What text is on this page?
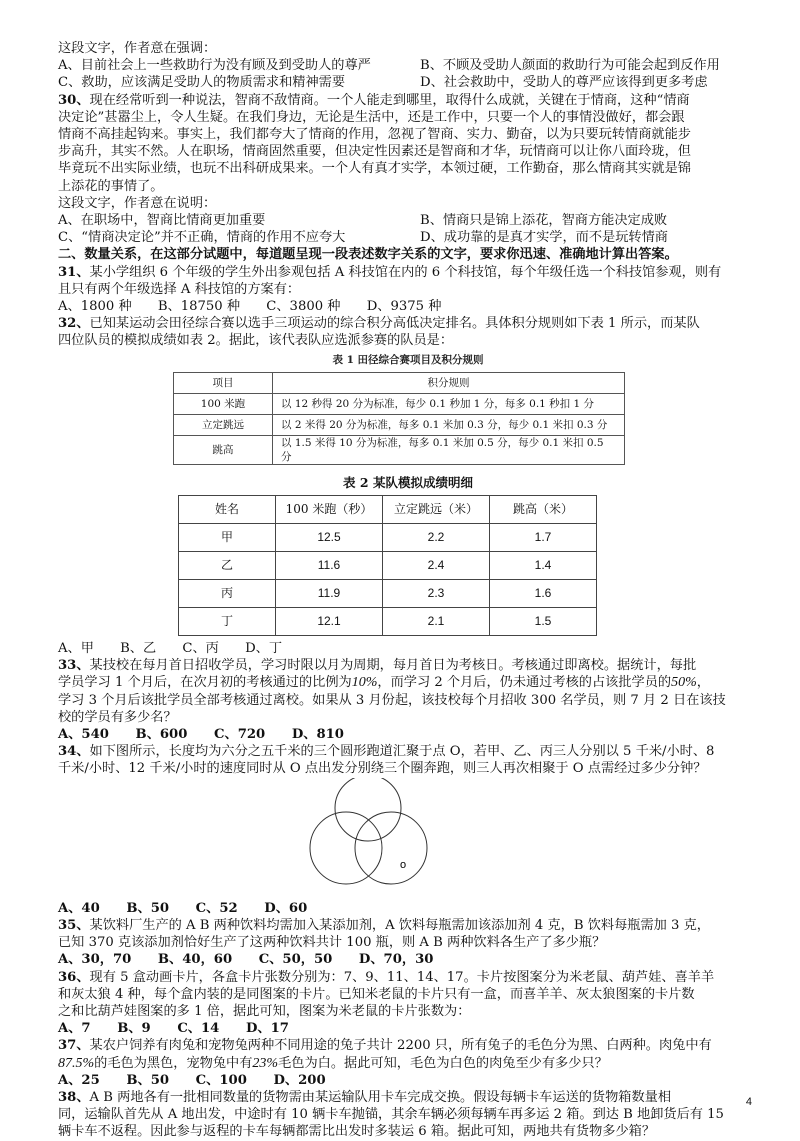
这段文字，作者意在强调：
A、目前社会上一些救助行为没有顾及到受助人的尊严	B、不顾及受助人颜面的救助行为可能会起到反作用
C、救助，应该满足受助人的物质需求和精神需要	D、社会救助中，受助人的尊严应该得到更多考虑
30、现在经常听到一种说法，智商不敌情商。一个人能走到哪里，取得什么成就，关键在于情商，这种“情商
决定论”甚嚣尘上，令人生疑。在我们身边，无论是生活中，还是工作中，只要一个人的事情没做好，都会跟
情商不高挂起钩来。事实上，我们都夸大了情商的作用，忽视了智商、实力、勤奋，以为只要玩转情商就能步
步高升，其实不然。人在职场，情商固然重要，但决定性因素还是智商和才华，玩情商可以让你八面玲珑，但
毕竟玩不出实际业绩，也玩不出科研成果来。一个人有真才实学，本领过硬，工作勤奋，那么情商其实就是锦
上添花的事情了。
这段文字，作者意在说明：
A、在职场中，智商比情商更加重要	B、情商只是锦上添花，智商方能决定成败
C、“情商决定论”并不正确，情商的作用不应夸大	D、成功靠的是真才实学，而不是玩转情商
二、数量关系，在这部分试题中，每道题呈现一段表述数字关系的文字，要求你迅速、准确地计算出答案。
31、某小学组织 6 个年级的学生外出参观包括 A 科技馆在内的 6 个科技馆，每个年级任选一个科技馆参观，则有
且只有两个年级选择 A 科技馆的方案有：
A、1800 种 B、18750 种 C、3800 种 D、9375 种
32、已知某运动会田径综合赛以选手三项运动的综合积分高低决定排名。具体积分规则如下表 1 所示，而某队
四位队员的模拟成绩如表 2。据此，该代表队应选派参赛的队员是：
表 1 田径综合赛项目及积分规则
项目	积分规则
100 米跑	以 12 秒得 20 分为标准，每少 0.1 秒加 1 分，每多 0.1 秒扣 1 分
立定跳远	以 2 米得 20 分为标准，每多 0.1 米加 0.3 分，每少 0.1 米扣 0.3 分
跳高	以 1.5 米得 10 分为标准，每多 0.1 米加 0.5 分，每少 0.1 米扣 0.5 分
表 2 某队模拟成绩明细
姓名	100 米跑（秒）	立定跳远（米）	跳高（米）
甲	12.5	2.2	1.7
乙	11.6	2.4	1.4
丙	11.9	2.3	1.6
丁	12.1	2.1	1.5
A、甲 B、乙 C、丙 D、丁
33、某技校在每月首日招收学员，学习时限以月为周期，每月首日为考核日。考核通过即离校。据统计，每批
学员学习 1 个月后，在次月初的考核通过的比例为10%，而学习 2 个月后，仍未通过考核的占该批学员的50%，
学习 3 个月后该批学员全部考核通过离校。如果从 3 月份起，该技校每个月招收 300 名学员，则 7 月 2 日在该技
校的学员有多少名？
A、540 B、600 C、720 D、810
34、如下图所示，长度均为六分之五千米的三个圆形跑道汇聚于点 O，若甲、乙、丙三人分别以 5 千米/小时、8
千米/小时、12 千米/小时的速度同时从 O 点出发分别绕三个圈奔跑，则三人再次相聚于 O 点需经过多少分钟？
o
A、40 B、50 C、52 D、60
35、某饮料厂生产的 A B 两种饮料均需加入某添加剂，A 饮料每瓶需加该添加剂 4 克，B 饮料每瓶需加 3 克，
已知 370 克该添加剂恰好生产了这两种饮料共计 100 瓶，则 A B 两种饮料各生产了多少瓶？
A、30，70 B、40，60 C、50，50 D、70，30
36、现有 5 盒动画卡片，各盒卡片张数分别为：7、9、11、14、17。卡片按图案分为米老鼠、葫芦娃、喜羊羊
和灰太狼 4 种，每个盒内装的是同图案的卡片。已知米老鼠的卡片只有一盒，而喜羊羊、灰太狼图案的卡片数
之和比葫芦娃图案的多 1 倍，据此可知，图案为米老鼠的卡片张数为：
A、7 B、9 C、14 D、17
37、某农户饲养有肉兔和宠物兔两种不同用途的兔子共计 2200 只，所有兔子的毛色分为黑、白两种。肉兔中有
87.5%的毛色为黑色，宠物兔中有23%毛色为白。据此可知，毛色为白色的肉兔至少有多少只？
A、25 B、50 C、100 D、200
38、A B 两地各有一批相同数量的货物需由某运输队用卡车完成交换。假设每辆卡车运送的货物箱数量相
同，运输队首先从 A 地出发，中途时有 10 辆卡车抛锚，其余车辆必须每辆车再多运 2 箱。到达 B 地卸货后有 15
辆卡车不返程。因此参与返程的卡车每辆都需比出发时多装运 6 箱。据此可知，两地共有货物多少箱？
4
